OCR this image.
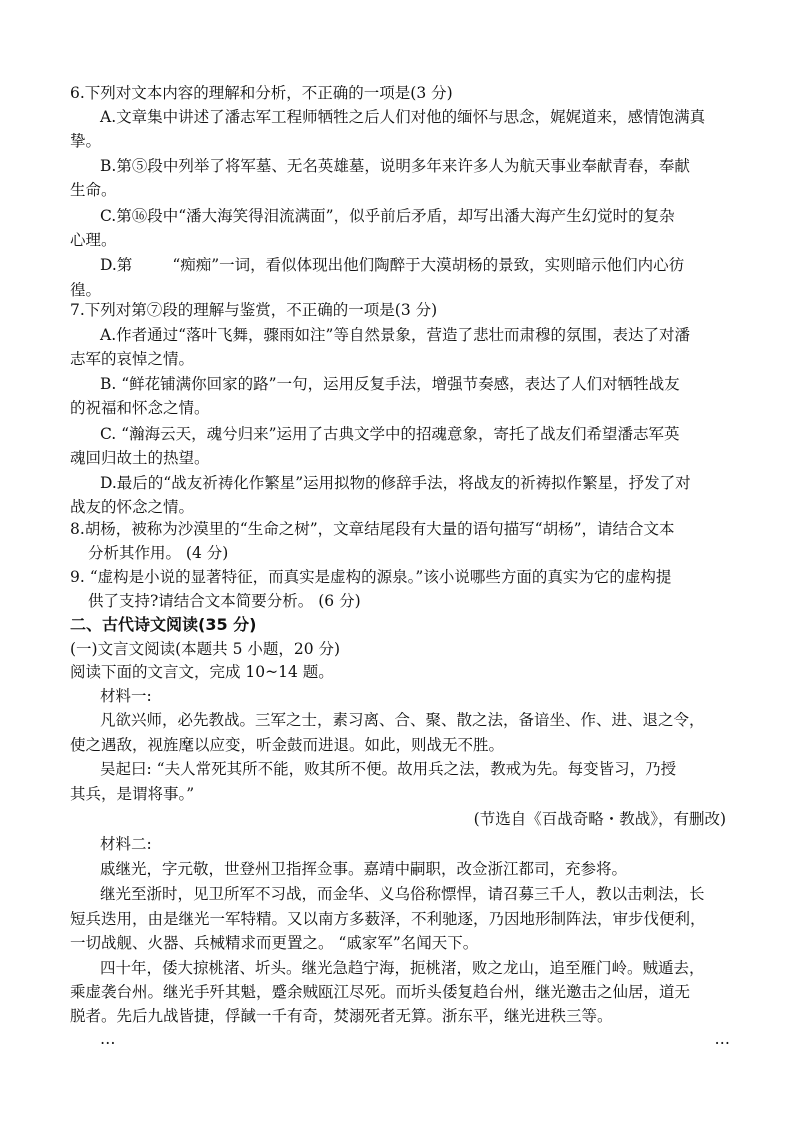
6.下列对文本内容的理解和分析，不正确的一项是(3 分)
A.文章集中讲述了潘志军工程师牺牲之后人们对他的缅怀与思念，娓娓道来，感情饱满真
挚。
B.第⑤段中列举了将军墓、无名英雄墓，说明多年来许多人为航天事业奉献青春，奉献
生命。
C.第⑯段中“潘大海笑得泪流满面”，似乎前后矛盾，却写出潘大海产生幻觉时的复杂
心理。
D.第	“痴痴”一词，看似体现出他们陶醉于大漠胡杨的景致，实则暗示他们内心彷
徨。
7.下列对第⑦段的理解与鉴赏，不正确的一项是(3 分)
A.作者通过“落叶飞舞，骤雨如注”等自然景象，营造了悲壮而肃穆的氛围，表达了对潘
志军的哀悼之情。
B. “鲜花铺满你回家的路”一句，运用反复手法，增强节奏感，表达了人们对牺牲战友
的祝福和怀念之情。
C. “瀚海云天，魂兮归来”运用了古典文学中的招魂意象，寄托了战友们希望潘志军英
魂回归故土的热望。
D.最后的“战友祈祷化作繁星”运用拟物的修辞手法，将战友的祈祷拟作繁星，抒发了对
战友的怀念之情。
8.胡杨，被称为沙漠里的“生命之树”，文章结尾段有大量的语句描写“胡杨”，请结合文本
分析其作用。 (4 分)
9. “虚构是小说的显著特征，而真实是虚构的源泉。”该小说哪些方面的真实为它的虚构提
供了支持?请结合文本简要分析。 (6 分)
二、古代诗文阅读(35 分)
(一)文言文阅读(本题共 5 小题，20 分)
阅读下面的文言文，完成 10~14 题。
材料一:
凡欲兴师，必先教战。三军之士，素习离、合、聚、散之法，备谙坐、作、进、退之令，
使之遇敌，视旌麾以应变，听金鼓而进退。如此，则战无不胜。
吴起曰: “夫人常死其所不能，败其所不便。故用兵之法，教戒为先。每变皆习，乃授
其兵，是谓将事。”
(节选自《百战奇略・教战》，有删改)
材料二:
戚继光，字元敬，世登州卫指挥佥事。嘉靖中嗣职，改佥浙江都司，充参将。
继光至浙时，见卫所军不习战，而金华、义乌俗称慓悍，请召募三千人，教以击刺法，长
短兵迭用，由是继光一军特精。又以南方多薮泽，不利驰逐，乃因地形制阵法，审步伐便利，
一切战舰、火器、兵械精求而更置之。 “戚家军”名闻天下。
四十年，倭大掠桃渚、圻头。继光急趋宁海，扼桃渚，败之龙山，追至雁门岭。贼遁去，
乘虚袭台州。继光手歼其魁，蹙余贼瓯江尽死。而圻头倭复趋台州，继光邀击之仙居，道无
脱者。先后九战皆捷，俘馘一千有奇，焚溺死者无算。浙东平，继光进秩三等。
…	…
